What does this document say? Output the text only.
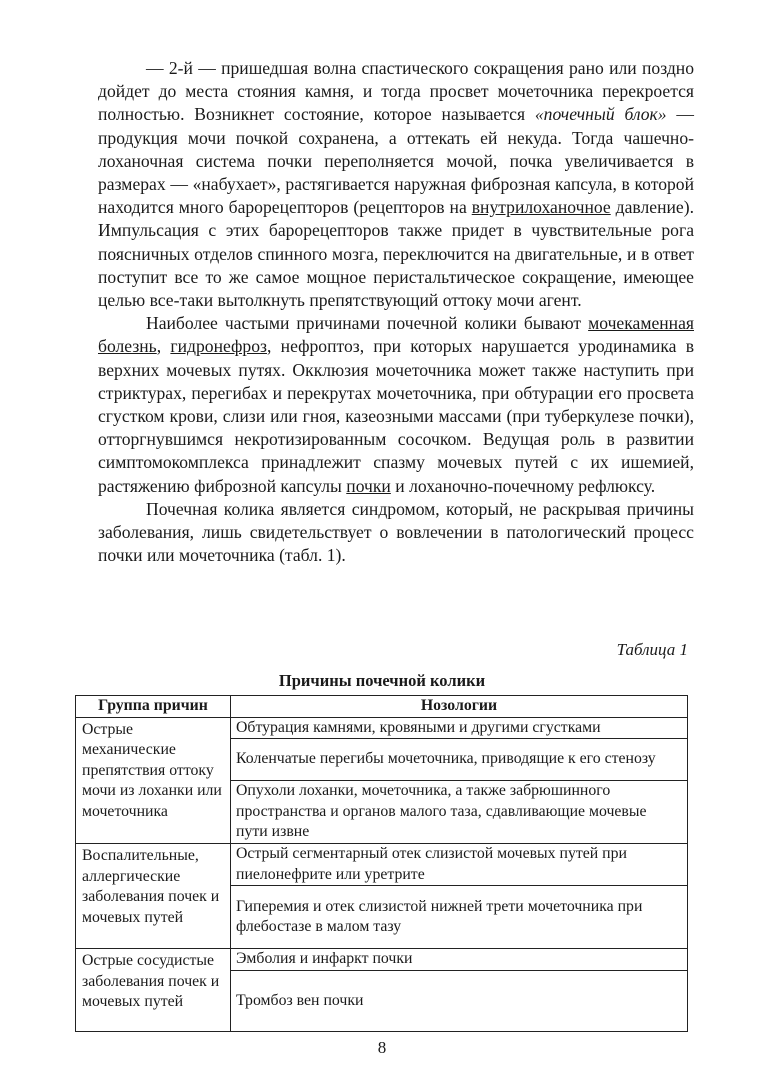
— 2-й — пришедшая волна спастического сокращения рано или поздно дойдет до места стояния камня, и тогда просвет мочеточника перекроется полностью. Возникнет состояние, которое называется «почечный блок» — продукция мочи почкой сохранена, а оттекать ей некуда. Тогда чашечно-лоханочная система почки переполняется мочой, почка увеличивается в размерах — «набухает», растягивается наружная фиброзная капсула, в которой находится много барорецепторов (рецепторов на внутрилоханочное давление). Импульсация с этих барорецепторов также придет в чувствительные рога поясничных отделов спинного мозга, переключится на двигательные, и в ответ поступит все то же самое мощное перистальтическое сокращение, имеющее целью все-таки вытолкнуть препятствующий оттоку мочи агент.

Наиболее частыми причинами почечной колики бывают мочекаменная болезнь, гидронефроз, нефроптоз, при которых нарушается уродинамика в верхних мочевых путях. Окклюзия мочеточника может также наступить при стриктурах, перегибах и перекрутах мочеточника, при обтурации его просвета сгустком крови, слизи или гноя, казеозными массами (при туберкулезе почки), отторгнувшимся некротизированным сосочком. Ведущая роль в развитии симптомокомплекса принадлежит спазму мочевых путей с их ишемией, растяжению фиброзной капсулы почки и лоханочно-почечному рефлюксу.

Почечная колика является синдромом, который, не раскрывая причины заболевания, лишь свидетельствует о вовлечении в патологический процесс почки или мочеточника (табл. 1).

Таблица 1
Причины почечной колики
Группа причин	Нозологии
Острые механические препятствия оттоку мочи из лоханки или мочеточника	Обтурация камнями, кровяными и другими сгустками
	Коленчатые перегибы мочеточника, приводящие к его стенозу
	Опухоли лоханки, мочеточника, а также забрюшинного пространства и органов малого таза, сдавливающие мочевые пути извне
Воспалительные, аллергические заболевания почек и мочевых путей	Острый сегментарный отек слизистой мочевых путей при пиелонефрите или уретрите
	Гиперемия и отек слизистой нижней трети мочеточника при флебостазе в малом тазу
Острые сосудистые заболевания почек и мочевых путей	Эмболия и инфаркт почки
	Тромбоз вен почки
8
